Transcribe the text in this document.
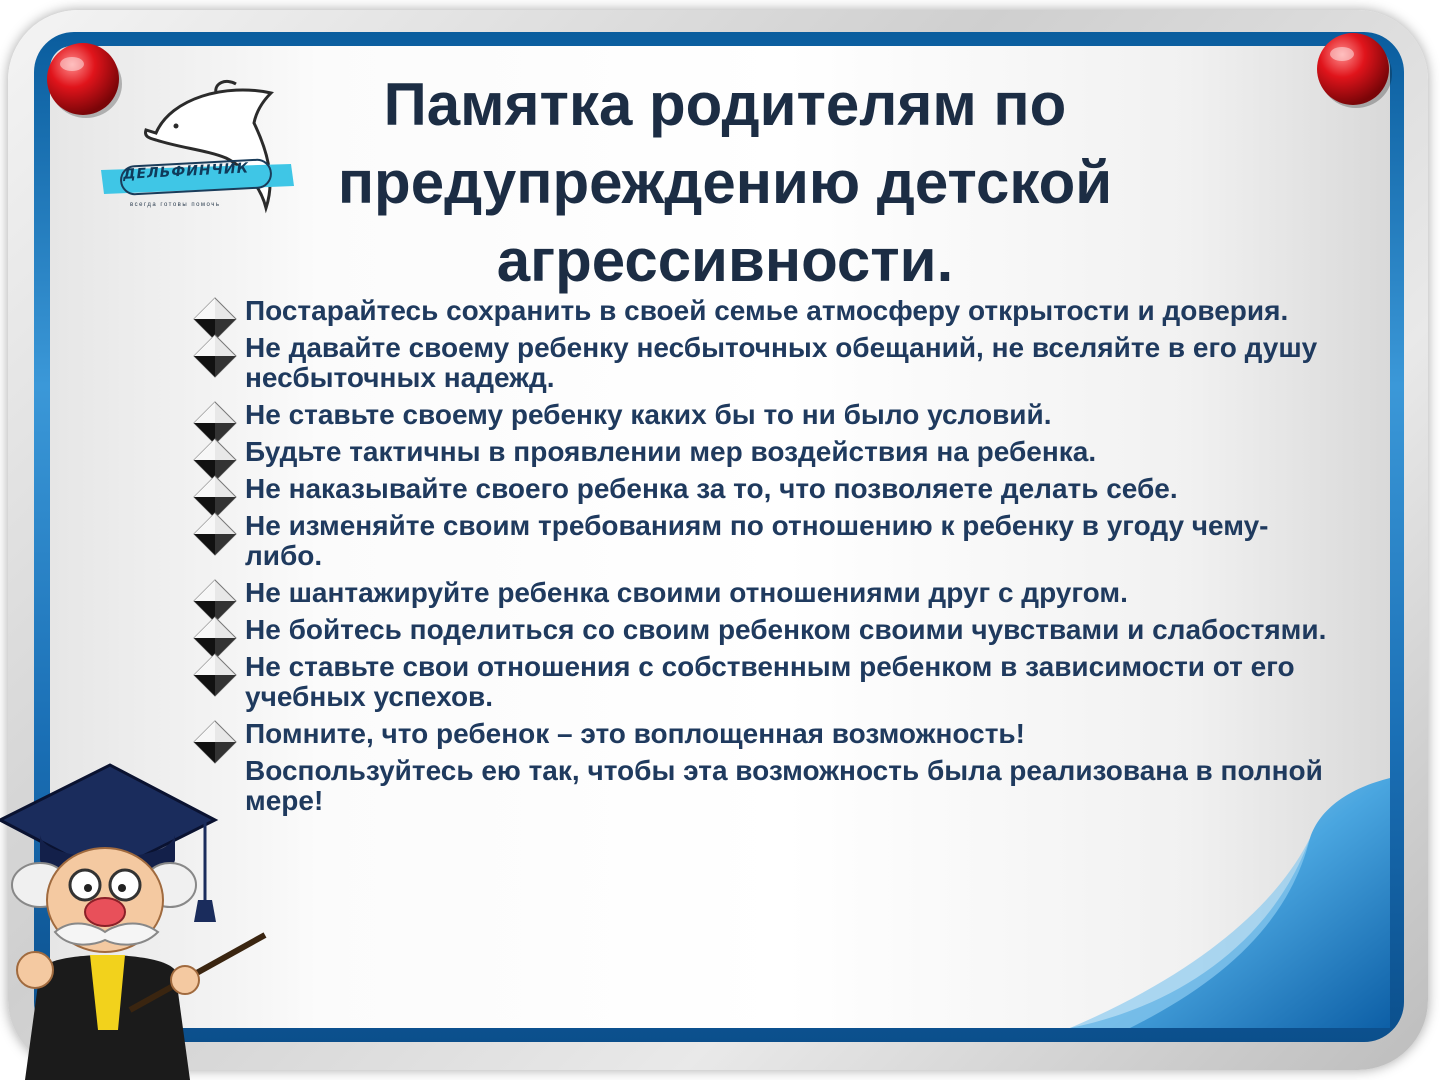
ДЕЛЬФИНЧИК
всегда готовы помочь
Памятка родителям по предупреждению детской агрессивности.
Постарайтесь сохранить в своей семье атмосферу открытости и доверия.
Не давайте своему ребенку несбыточных обещаний, не вселяйте в его душу несбыточных надежд.
Не ставьте своему ребенку каких бы то ни было условий.
Будьте тактичны в проявлении мер воздействия на ребенка.
Не наказывайте своего ребенка за то, что позволяете делать себе.
Не изменяйте своим требованиям по отношению к ребенку в угоду чему-либо.
Не шантажируйте ребенка своими отношениями друг с другом.
Не бойтесь поделиться со своим ребенком своими чувствами и слабостями.
Не ставьте свои отношения с собственным ребенком в зависимости от его учебных успехов.
Помните, что ребенок – это воплощенная возможность!
Воспользуйтесь ею так, чтобы эта возможность была реализована в полной мере!
